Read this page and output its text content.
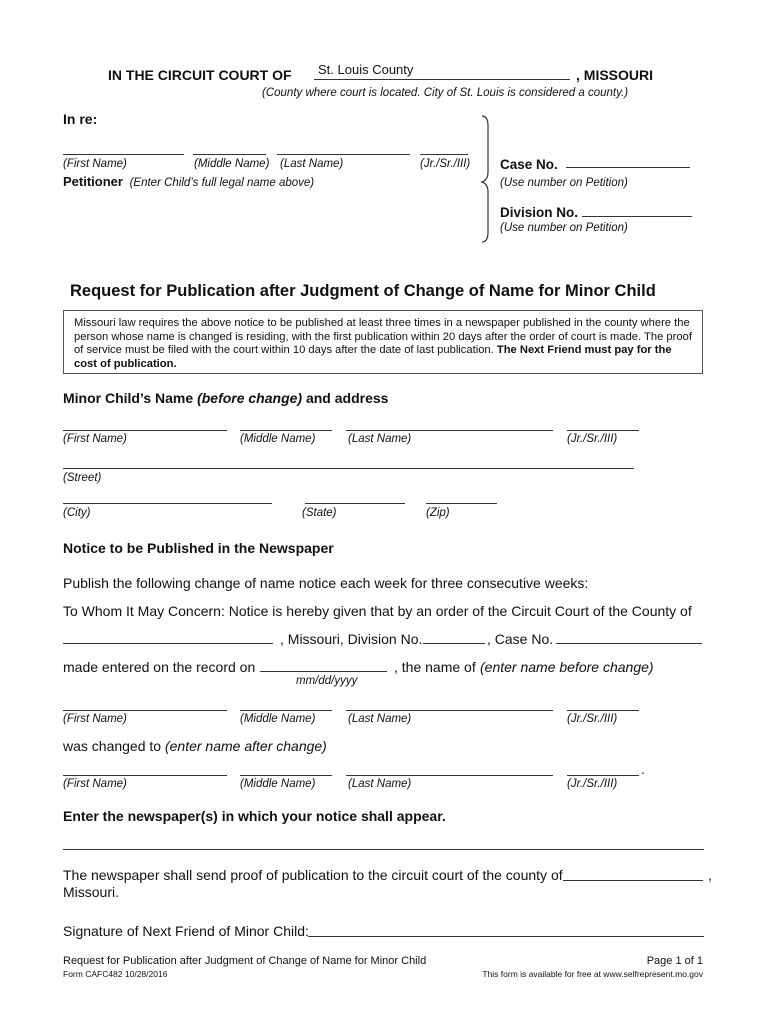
IN THE CIRCUIT COURT OF St. Louis County	, MISSOURI
(County where court is located. City of St. Louis is considered a county.)
In re:
(First Name)	(Middle Name) (Last Name)	(Jr./Sr./III)
Petitioner (Enter Child’s full legal name above)
Case No.
(Use number on Petition)
Division No.
(Use number on Petition)
Request for Publication after Judgment of Change of Name for Minor Child
Missouri law requires the above notice to be published at least three times in a newspaper published in the county where the person whose name is changed is residing, with the first publication within 20 days after the order of court is made. The proof of service must be filed with the court within 10 days after the date of last publication. The Next Friend must pay for the cost of publication.
Minor Child’s Name (before change) and address
(First Name)	(Middle Name)	(Last Name)	(Jr./Sr./III)
(Street)
(City)	(State)	(Zip)
Notice to be Published in the Newspaper
Publish the following change of name notice each week for three consecutive weeks:
To Whom It May Concern: Notice is hereby given that by an order of the Circuit Court of the County of
, Missouri, Division No.	, Case No.
made entered on the record on	, the name of (enter name before change)
mm/dd/yyyy
(First Name)	(Middle Name)	(Last Name)	(Jr./Sr./III)
was changed to (enter name after change)
.
(First Name)	(Middle Name)	(Last Name)	(Jr./Sr./III)
Enter the newspaper(s) in which your notice shall appear.
The newspaper shall send proof of publication to the circuit court of the county of	,
Missouri.
Signature of Next Friend of Minor Child:
Request for Publication after Judgment of Change of Name for Minor Child
Form CAFC482 10/28/2016
Page 1 of 1
This form is available for free at www.selfrepresent.mo.gov
